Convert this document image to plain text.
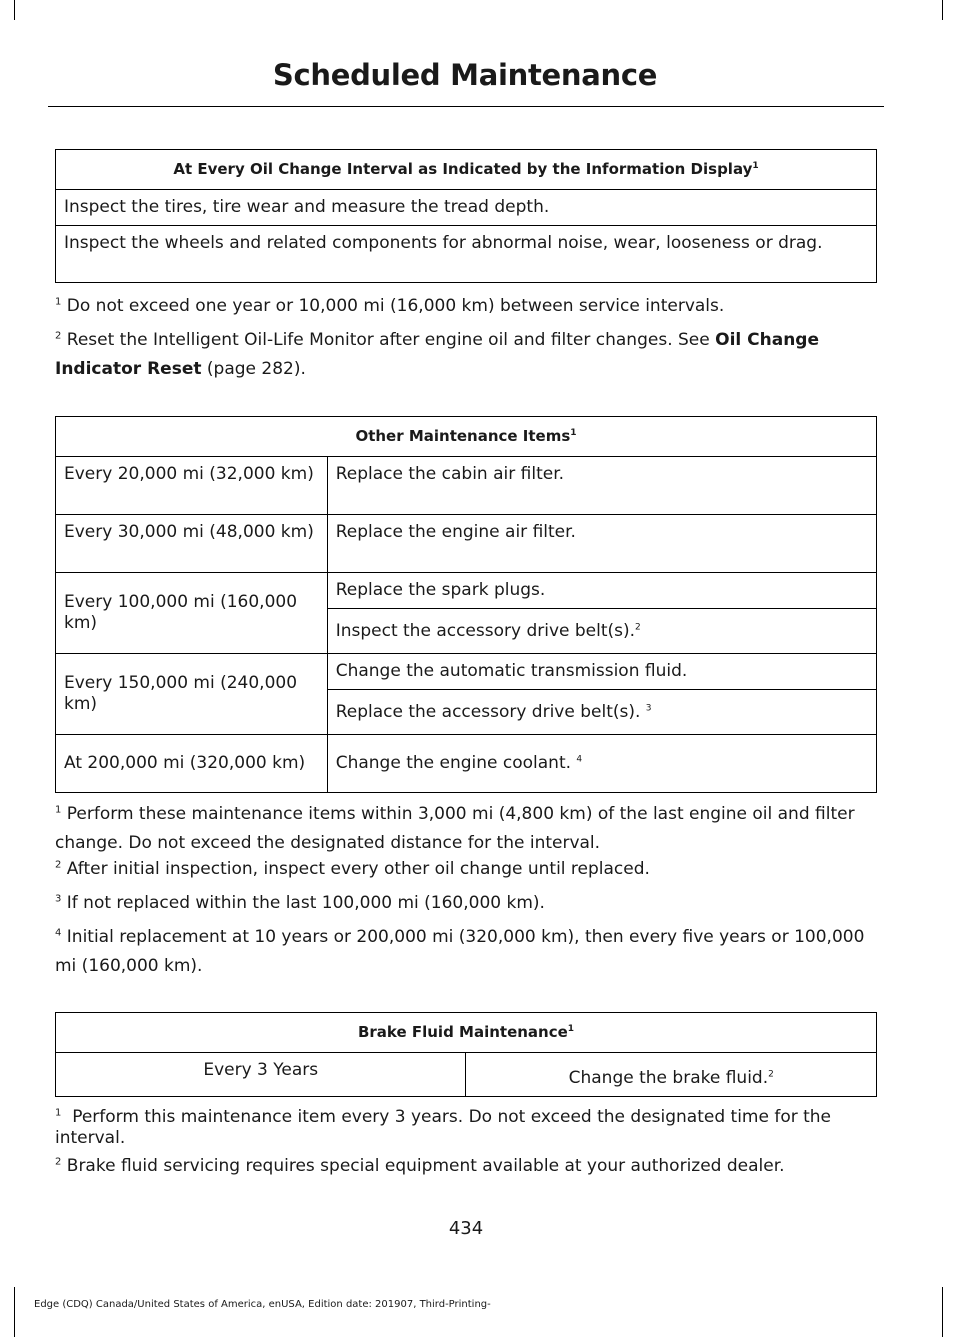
Scheduled Maintenance
At Every Oil Change Interval as Indicated by the Information Display$^1$
Inspect the tires, tire wear and measure the tread depth.
Inspect the wheels and related components for abnormal noise, wear, looseness or drag.
$^1$ Do not exceed one year or 10,000 mi (16,000 km) between service intervals.
$^2$ Reset the Intelligent Oil-Life Monitor after engine oil and filter changes. See Oil Change Indicator Reset (page 282).
Other Maintenance Items$^1$
Every 20,000 mi (32,000 km)	Replace the cabin air filter.
Every 30,000 mi (48,000 km)	Replace the engine air filter.
Every 100,000 mi (160,000 km)	Replace the spark plugs.
	Inspect the accessory drive belt(s).$^2$
Every 150,000 mi (240,000 km)	Change the automatic transmission fluid.
	Replace the accessory drive belt(s). $^3$
At 200,000 mi (320,000 km)	Change the engine coolant. $^4$
$^1$ Perform these maintenance items within 3,000 mi (4,800 km) of the last engine oil and filter change. Do not exceed the designated distance for the interval.
$^2$ After initial inspection, inspect every other oil change until replaced.
$^3$ If not replaced within the last 100,000 mi (160,000 km).
$^4$ Initial replacement at 10 years or 200,000 mi (320,000 km), then every five years or 100,000 mi (160,000 km).
Brake Fluid Maintenance$^1$
Every 3 Years	Change the brake fluid.$^2$
$^1$ Perform this maintenance item every 3 years. Do not exceed the designated time for the interval.
$^2$ Brake fluid servicing requires special equipment available at your authorized dealer.
434
Edge (CDQ) Canada/United States of America, enUSA, Edition date: 201907, Third-Printing-
